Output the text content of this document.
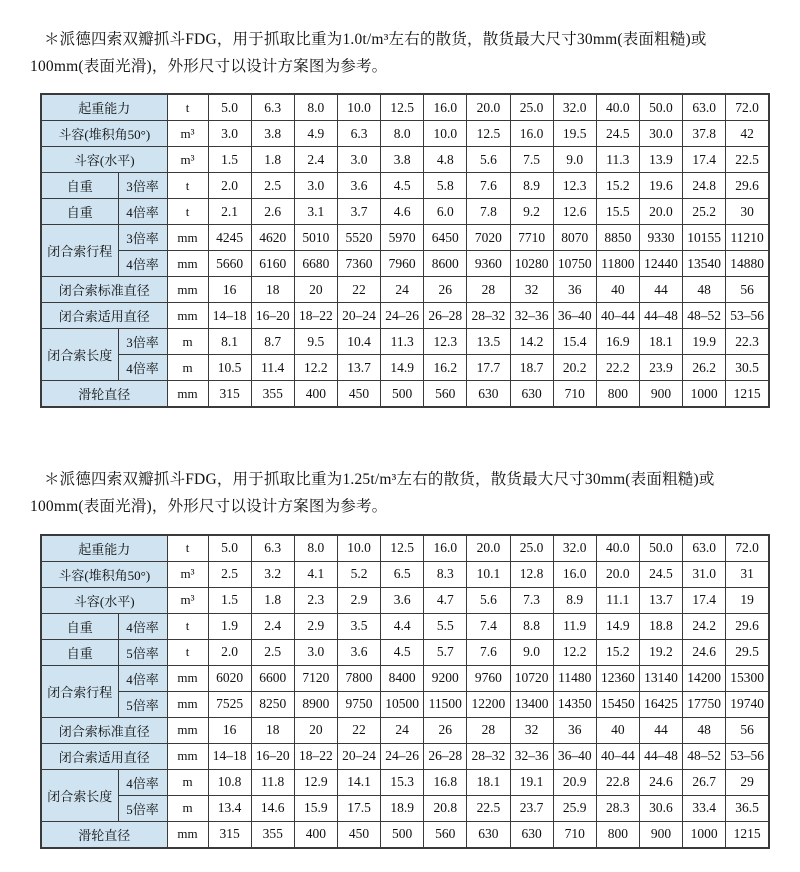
＊派德四索双瓣抓斗FDG，用于抓取比重为1.0t/m³左右的散货，散货最大尺寸30mm(表面粗糙)或100mm(表面光滑)，外形尺寸以设计方案图为参考。

起重能力		t	5.0	6.3	8.0	10.0	12.5	16.0	20.0	25.0	32.0	40.0	50.0	63.0	72.0
斗容(堆积角50°)		m³	3.0	3.8	4.9	6.3	8.0	10.0	12.5	16.0	19.5	24.5	30.0	37.8	42
斗容(水平)		m³	1.5	1.8	2.4	3.0	3.8	4.8	5.6	7.5	9.0	11.3	13.9	17.4	22.5
自重	3倍率	t	2.0	2.5	3.0	3.6	4.5	5.8	7.6	8.9	12.3	15.2	19.6	24.8	29.6
自重	4倍率	t	2.1	2.6	3.1	3.7	4.6	6.0	7.8	9.2	12.6	15.5	20.0	25.2	30
闭合索行程	3倍率	mm	4245	4620	5010	5520	5970	6450	7020	7710	8070	8850	9330	10155	11210
	4倍率	mm	5660	6160	6680	7360	7960	8600	9360	10280	10750	11800	12440	13540	14880
闭合索标准直径		mm	16	18	20	22	24	26	28	32	36	40	44	48	56
闭合索适用直径		mm	14–18	16–20	18–22	20–24	24–26	26–28	28–32	32–36	36–40	40–44	44–48	48–52	53–56
闭合索长度	3倍率	m	8.1	8.7	9.5	10.4	11.3	12.3	13.5	14.2	15.4	16.9	18.1	19.9	22.3
	4倍率	m	10.5	11.4	12.2	13.7	14.9	16.2	17.7	18.7	20.2	22.2	23.9	26.2	30.5
滑轮直径		mm	315	355	400	450	500	560	630	630	710	800	900	1000	1215

＊派德四索双瓣抓斗FDG，用于抓取比重为1.25t/m³左右的散货，散货最大尺寸30mm(表面粗糙)或100mm(表面光滑)，外形尺寸以设计方案图为参考。

起重能力		t	5.0	6.3	8.0	10.0	12.5	16.0	20.0	25.0	32.0	40.0	50.0	63.0	72.0
斗容(堆积角50°)		m³	2.5	3.2	4.1	5.2	6.5	8.3	10.1	12.8	16.0	20.0	24.5	31.0	31
斗容(水平)		m³	1.5	1.8	2.3	2.9	3.6	4.7	5.6	7.3	8.9	11.1	13.7	17.4	19
自重	4倍率	t	1.9	2.4	2.9	3.5	4.4	5.5	7.4	8.8	11.9	14.9	18.8	24.2	29.6
自重	5倍率	t	2.0	2.5	3.0	3.6	4.5	5.7	7.6	9.0	12.2	15.2	19.2	24.6	29.5
闭合索行程	4倍率	mm	6020	6600	7120	7800	8400	9200	9760	10720	11480	12360	13140	14200	15300
	5倍率	mm	7525	8250	8900	9750	10500	11500	12200	13400	14350	15450	16425	17750	19740
闭合索标准直径		mm	16	18	20	22	24	26	28	32	36	40	44	48	56
闭合索适用直径		mm	14–18	16–20	18–22	20–24	24–26	26–28	28–32	32–36	36–40	40–44	44–48	48–52	53–56
闭合索长度	4倍率	m	10.8	11.8	12.9	14.1	15.3	16.8	18.1	19.1	20.9	22.8	24.6	26.7	29
	5倍率	m	13.4	14.6	15.9	17.5	18.9	20.8	22.5	23.7	25.9	28.3	30.6	33.4	36.5
滑轮直径		mm	315	355	400	450	500	560	630	630	710	800	900	1000	1215
